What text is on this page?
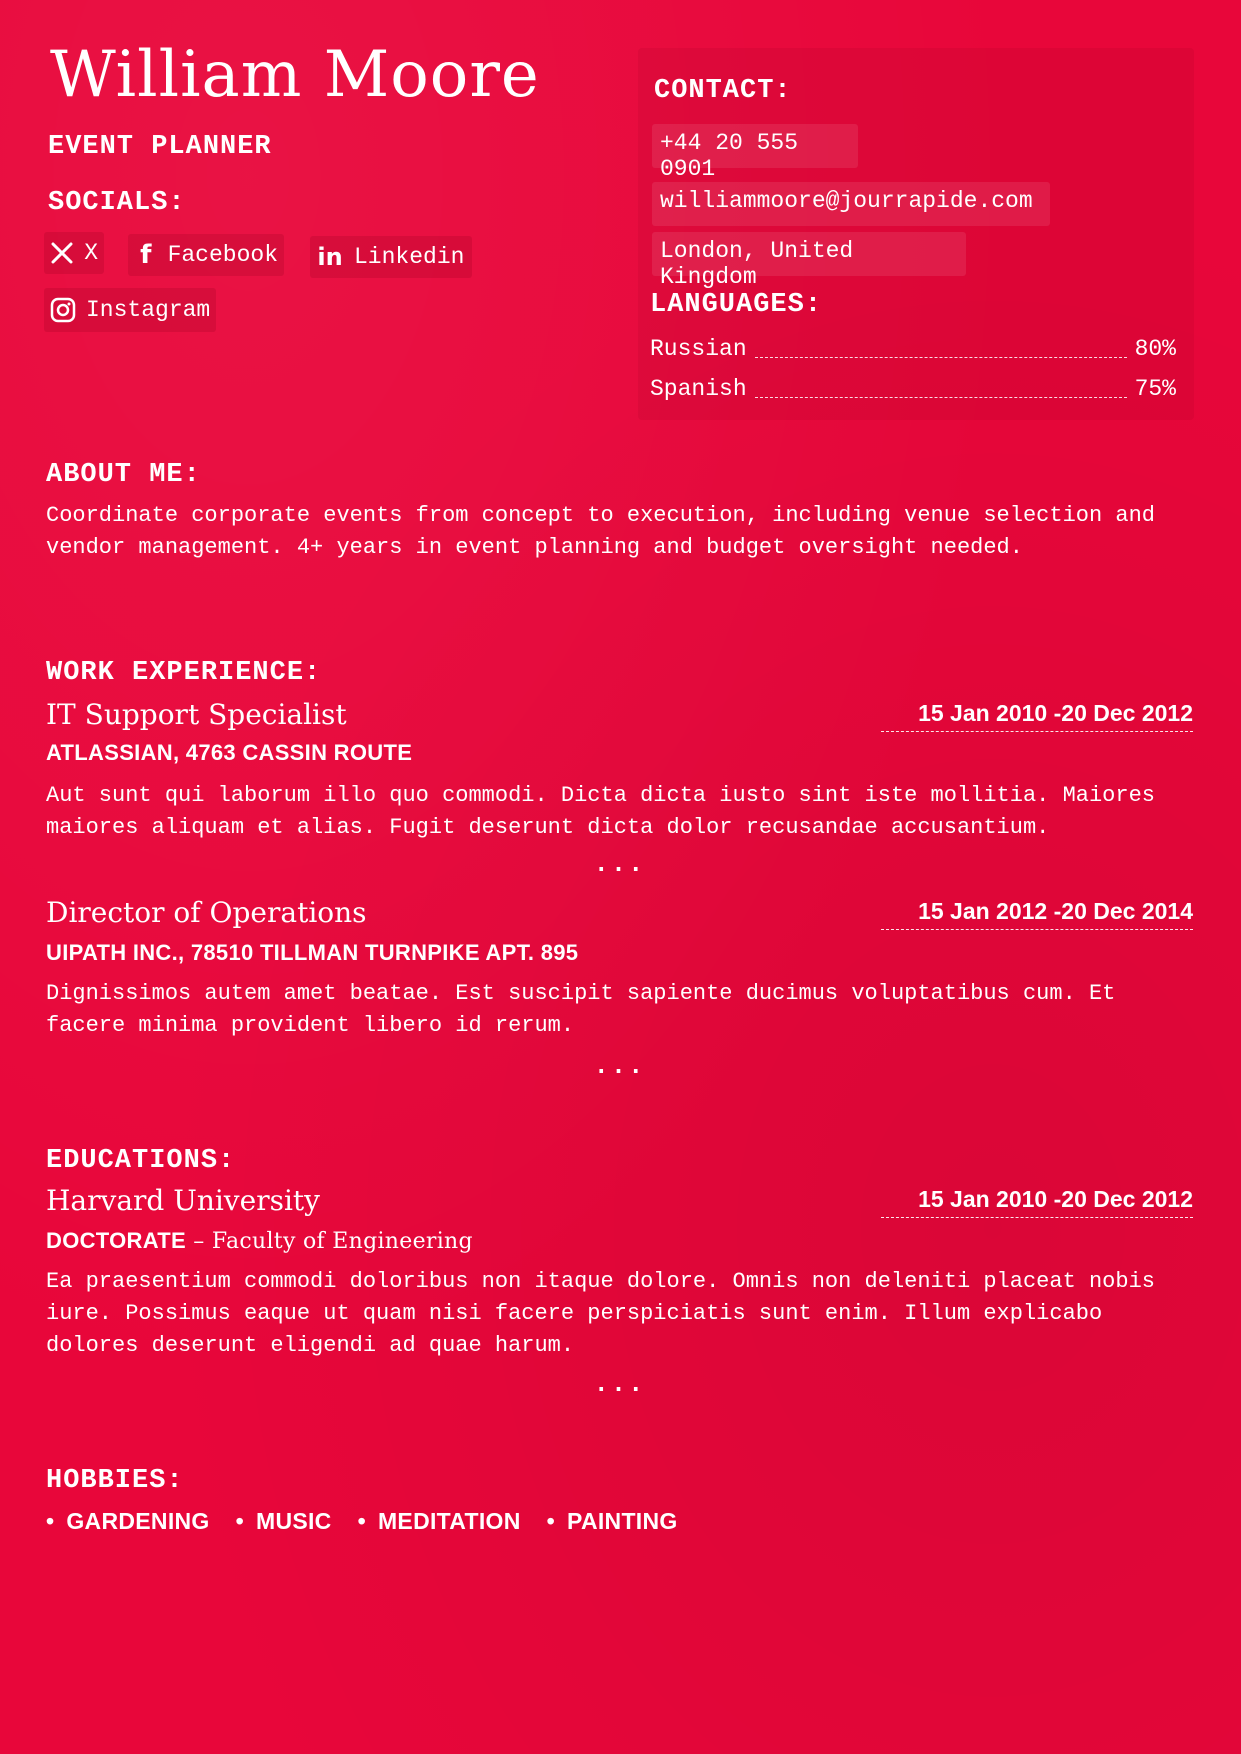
William Moore
EVENT PLANNER
SOCIALS:
X f Facebook in Linkedin
Instagram
CONTACT:
+44 20 555 0901
williammoore@jourrapide.com
London, United Kingdom
LANGUAGES:
Russian	80%
Spanish	75%
ABOUT ME:
Coordinate corporate events from concept to execution, including venue selection and vendor management. 4+ years in event planning and budget oversight needed.
WORK EXPERIENCE:
IT Support Specialist	15 Jan 2010 -20 Dec 2012
ATLASSIAN, 4763 CASSIN ROUTE
Aut sunt qui laborum illo quo commodi. Dicta dicta iusto sint iste mollitia. Maiores maiores aliquam et alias. Fugit deserunt dicta dolor recusandae accusantium.
...
Director of Operations	15 Jan 2012 -20 Dec 2014
UIPATH INC., 78510 TILLMAN TURNPIKE APT. 895
Dignissimos autem amet beatae. Est suscipit sapiente ducimus voluptatibus cum. Et facere minima provident libero id rerum.
...
EDUCATIONS:
Harvard University	15 Jan 2010 -20 Dec 2012
DOCTORATE – Faculty of Engineering
Ea praesentium commodi doloribus non itaque dolore. Omnis non deleniti placeat nobis iure. Possimus eaque ut quam nisi facere perspiciatis sunt enim. Illum explicabo dolores deserunt eligendi ad quae harum.
...
HOBBIES:
• GARDENING • MUSIC • MEDITATION • PAINTING
